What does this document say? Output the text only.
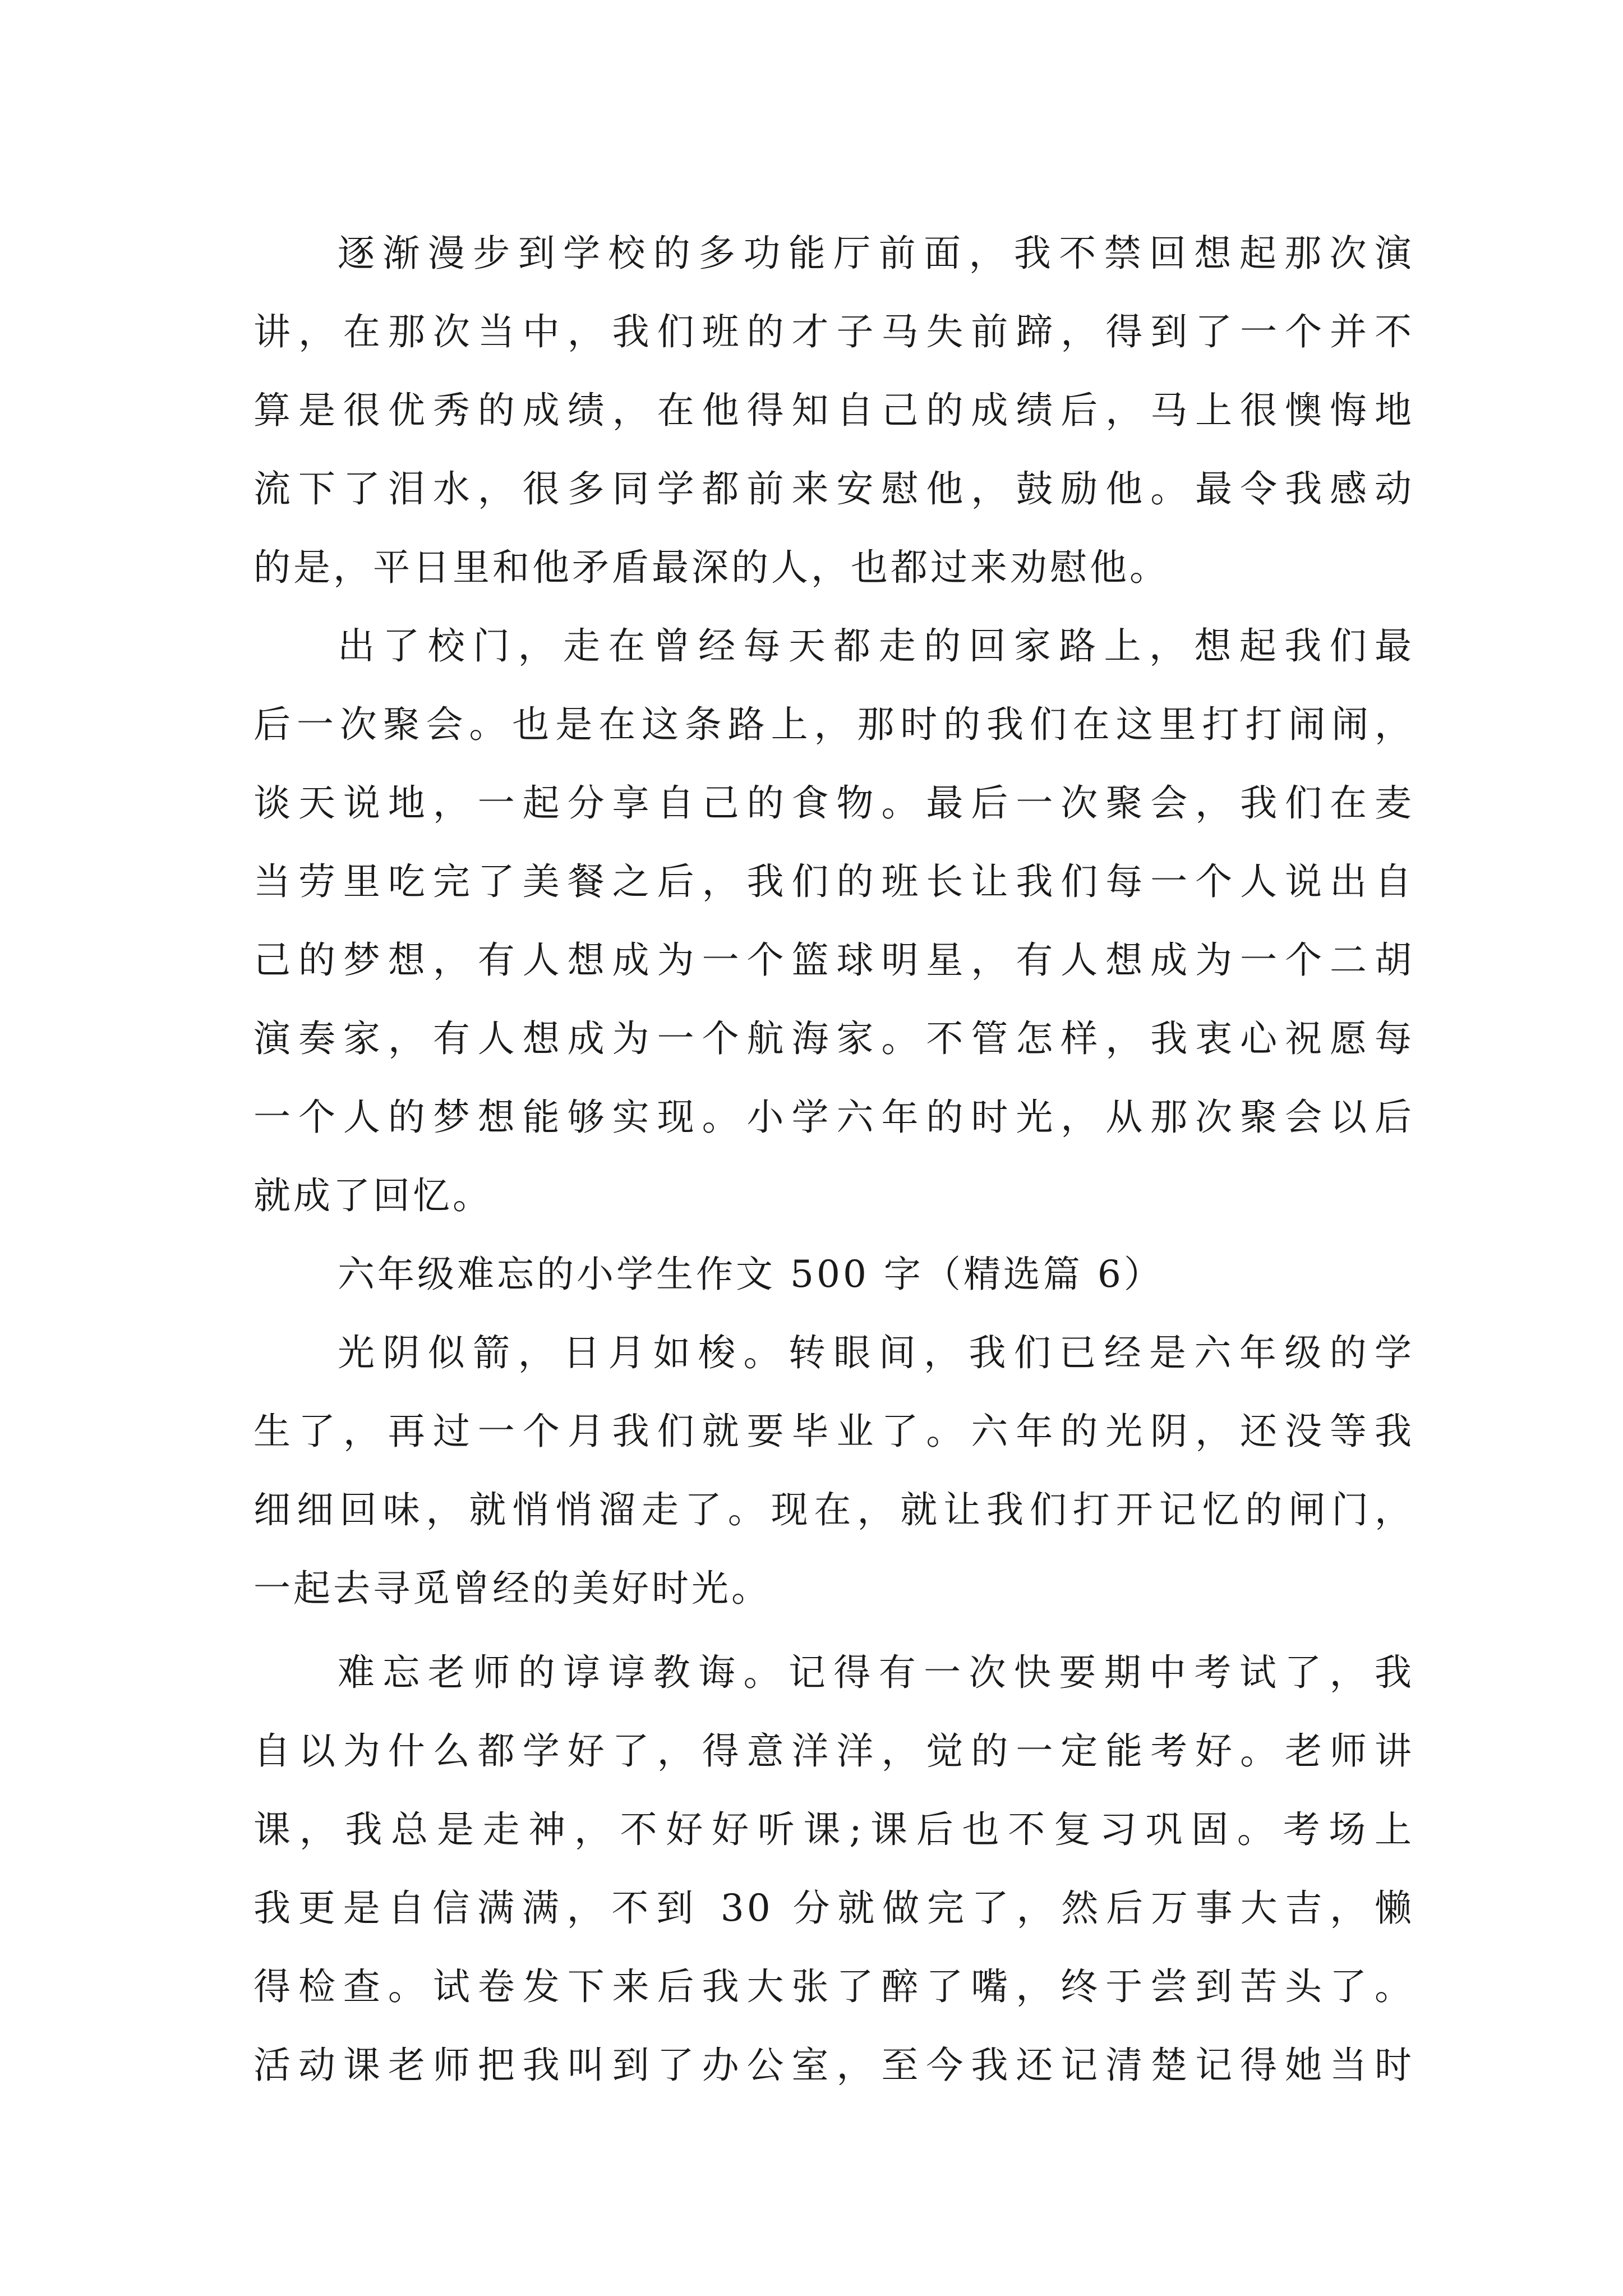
逐渐漫步到学校的多功能厅前面，我不禁回想起那次演
讲，在那次当中，我们班的才子马失前蹄，得到了一个并不
算是很优秀的成绩，在他得知自己的成绩后，马上很懊悔地
流下了泪水，很多同学都前来安慰他，鼓励他。最令我感动
的是，平日里和他矛盾最深的人，也都过来劝慰他。
出了校门，走在曾经每天都走的回家路上，想起我们最
后一次聚会。也是在这条路上，那时的我们在这里打打闹闹，
谈天说地，一起分享自己的食物。最后一次聚会，我们在麦
当劳里吃完了美餐之后，我们的班长让我们每一个人说出自
己的梦想，有人想成为一个篮球明星，有人想成为一个二胡
演奏家，有人想成为一个航海家。不管怎样，我衷心祝愿每
一个人的梦想能够实现。小学六年的时光，从那次聚会以后
就成了回忆。
六年级难忘的小学生作文 500 字（精选篇 6）
光阴似箭，日月如梭。转眼间，我们已经是六年级的学
生了，再过一个月我们就要毕业了。六年的光阴，还没等我
细细回味，就悄悄溜走了。现在，就让我们打开记忆的闸门，
一起去寻觅曾经的美好时光。
难忘老师的谆谆教诲。记得有一次快要期中考试了，我
自以为什么都学好了，得意洋洋，觉的一定能考好。老师讲
课，我总是走神，不好好听课;课后也不复习巩固。考场上
我更是自信满满，不到 30 分就做完了，然后万事大吉，懒
得检查。试卷发下来后我大张了醉了嘴，终于尝到苦头了。
活动课老师把我叫到了办公室，至今我还记清楚记得她当时
